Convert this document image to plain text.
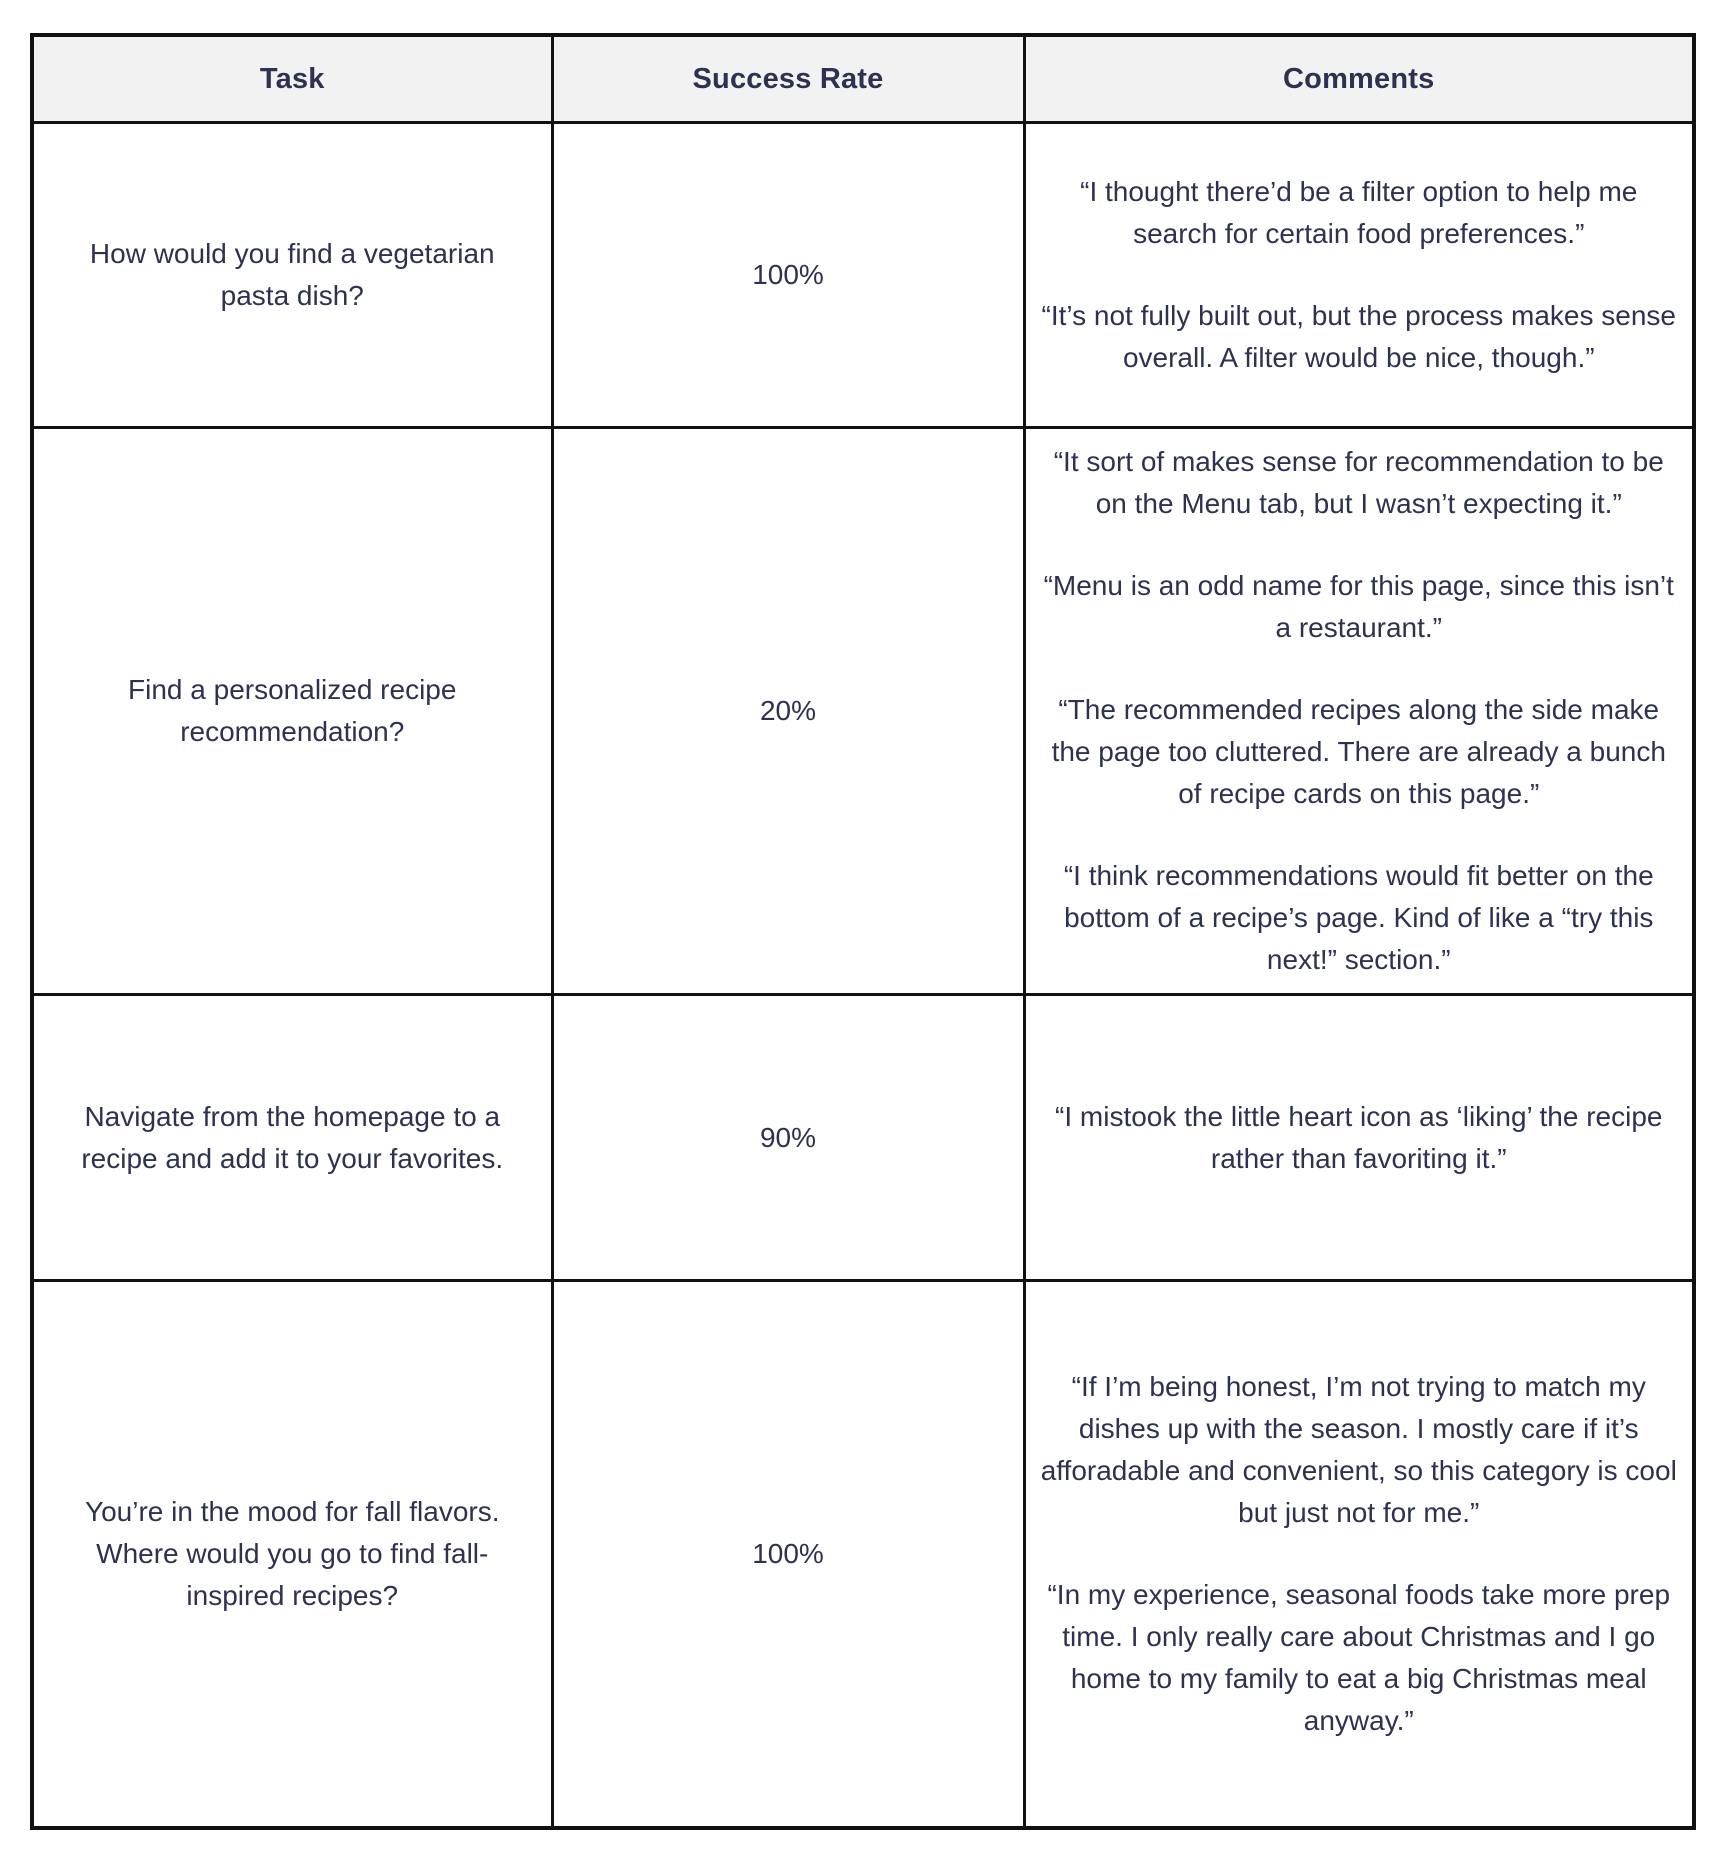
Task	Success Rate	Comments
How would you find a vegetarian pasta dish?	100%	“I thought there’d be a filter option to help me search for certain food preferences.”

“It’s not fully built out, but the process makes sense overall. A filter would be nice, though.”

Find a personalized recipe recommendation?	20%	“It sort of makes sense for recommendation to be on the Menu tab, but I wasn’t expecting it.”

“Menu is an odd name for this page, since this isn’t a restaurant.”

“The recommended recipes along the side make the page too cluttered. There are already a bunch of recipe cards on this page.”

“I think recommendations would fit better on the bottom of a recipe’s page. Kind of like a “try this next!” section.”

Navigate from the homepage to a recipe and add it to your favorites.	90%	“I mistook the little heart icon as ‘liking’ the recipe rather than favoriting it.”

You’re in the mood for fall flavors. Where would you go to find fall-inspired recipes?	100%	“If I’m being honest, I’m not trying to match my dishes up with the season. I mostly care if it’s afforadable and convenient, so this category is cool but just not for me.”

“In my experience, seasonal foods take more prep time. I only really care about Christmas and I go home to my family to eat a big Christmas meal anyway.”
